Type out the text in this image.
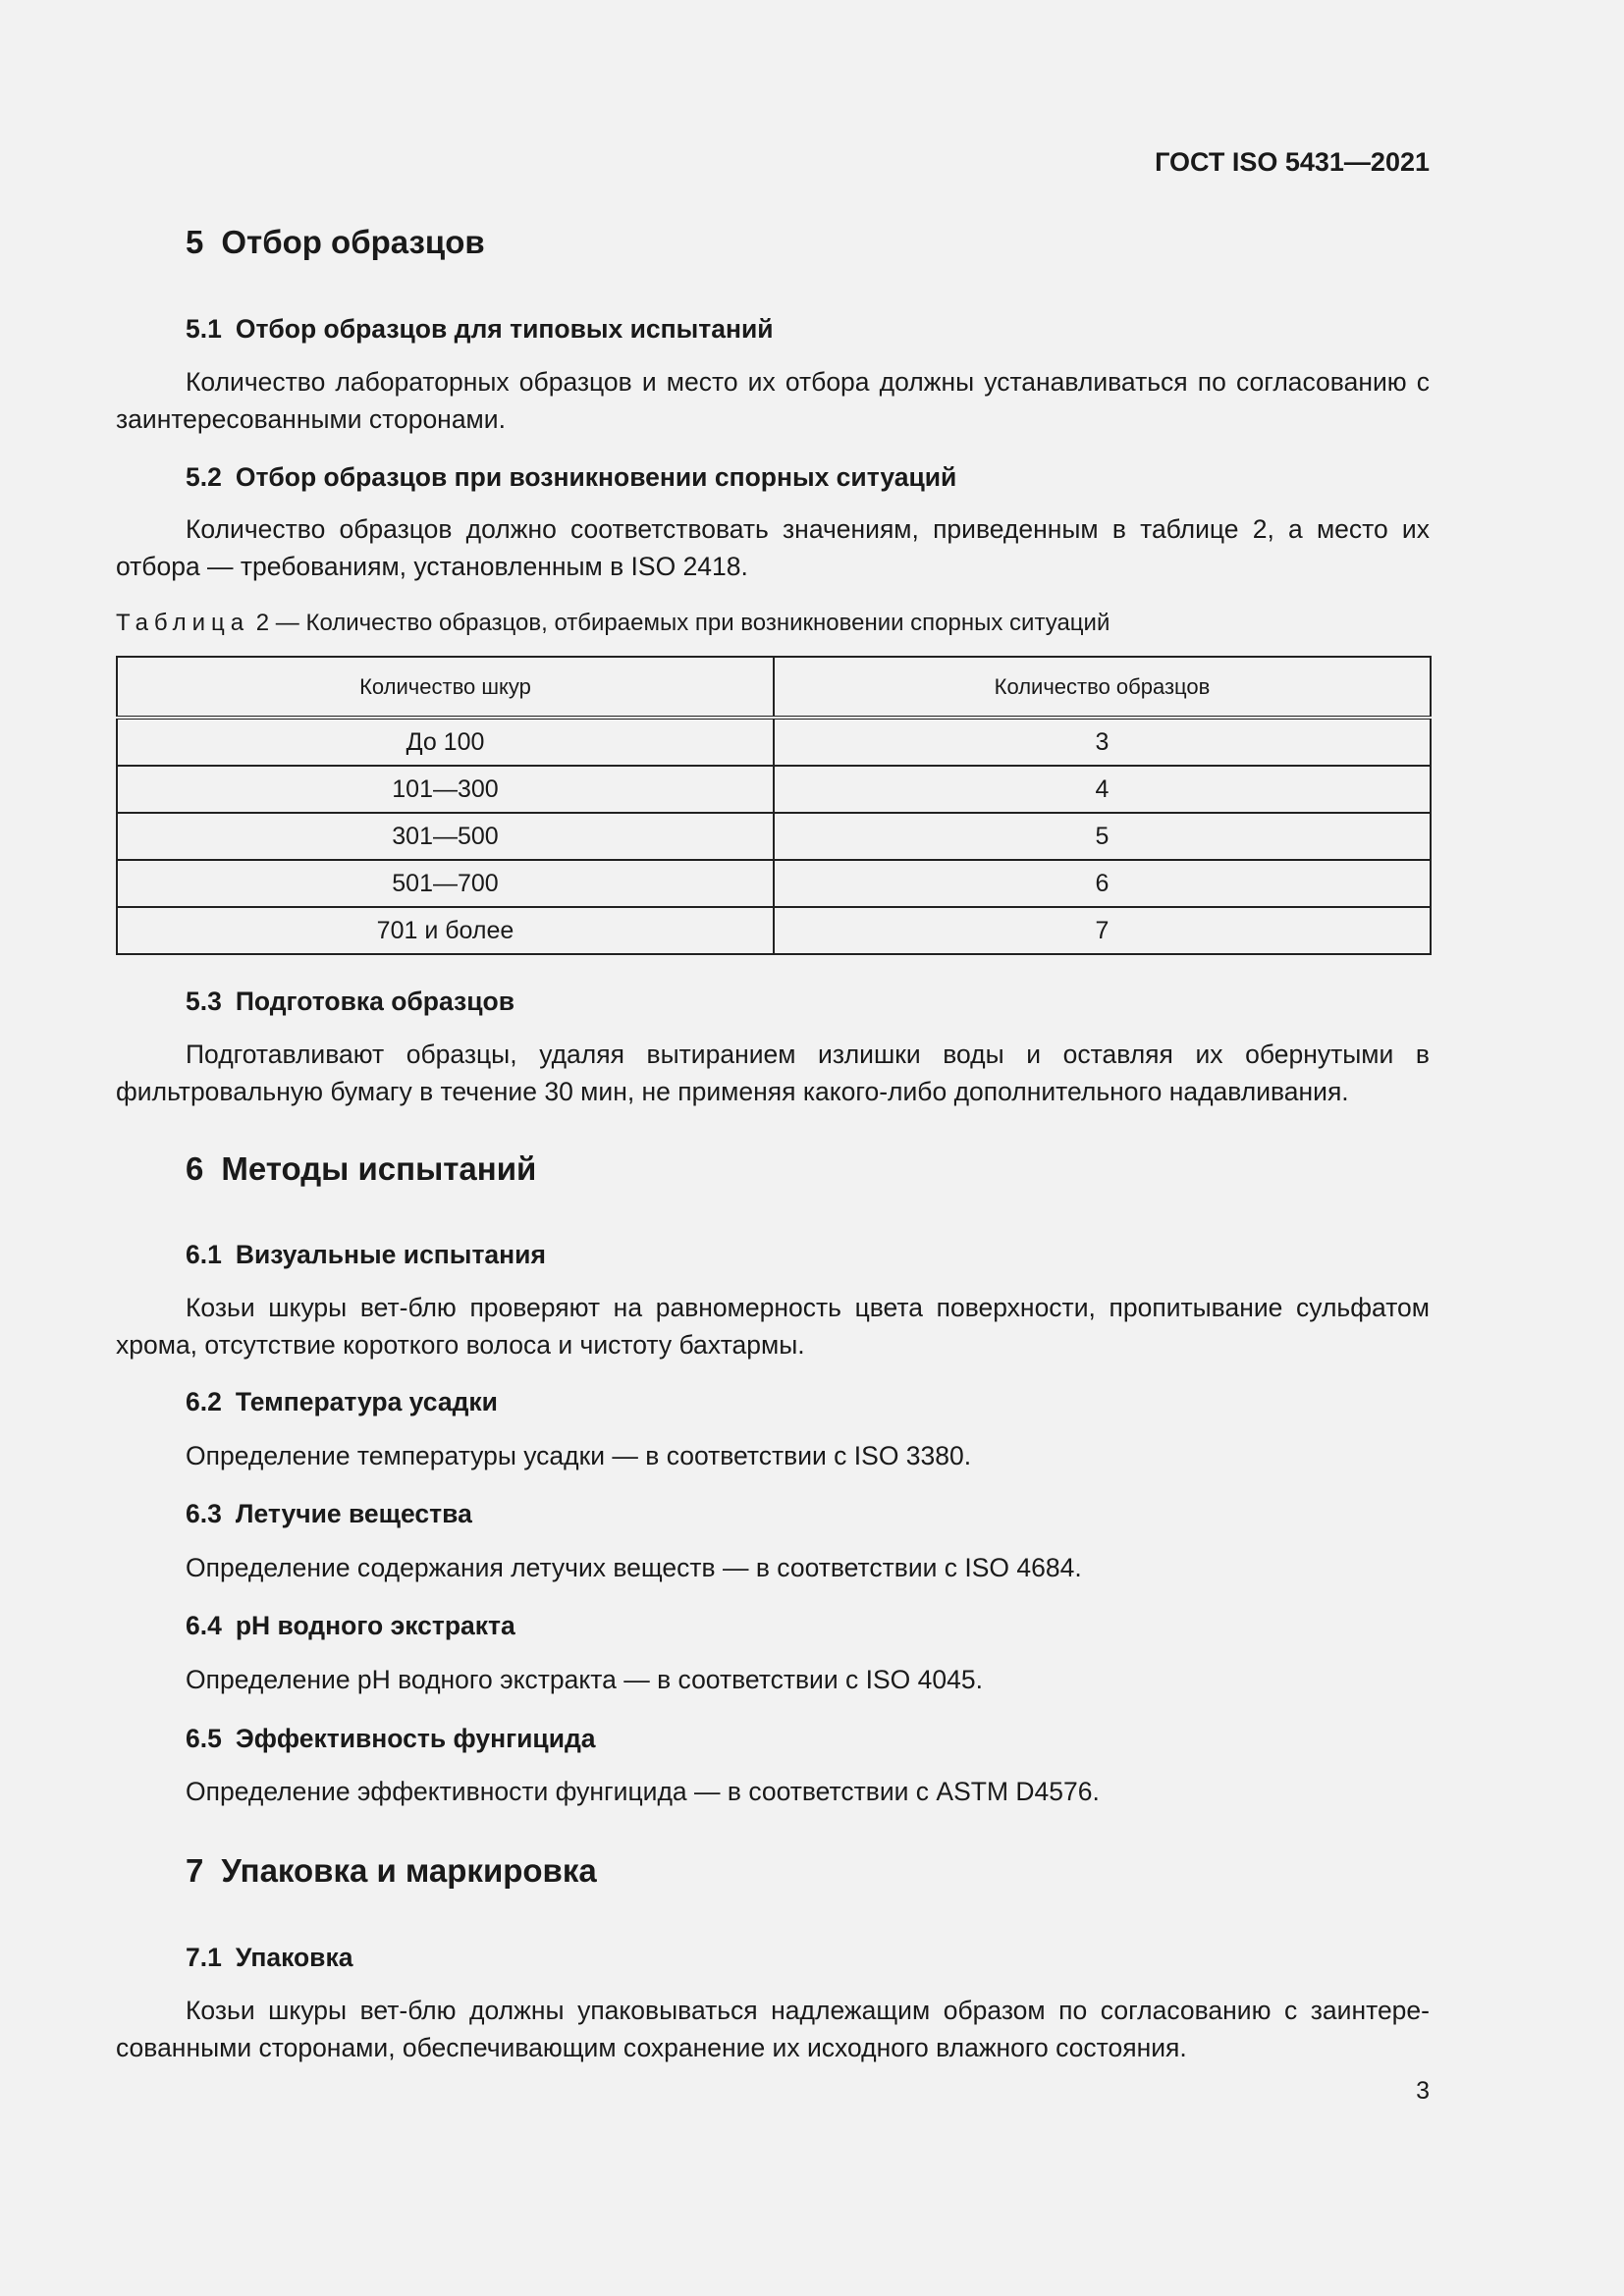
ГОСТ ISO 5431—2021
5 Отбор образцов
5.1 Отбор образцов для типовых испытаний

Количество лабораторных образцов и место их отбора должны устанавливаться по согласованию с заинтересованными сторонами.

5.2 Отбор образцов при возникновении спорных ситуаций

Количество образцов должно соответствовать значениям, приведенным в таблице 2, а место их отбора — требованиям, установленным в ISO 2418.

Таблица 2 — Количество образцов, отбираемых при возникновении спорных ситуаций
Количество шкур	Количество образцов
До 100	3
101—300	4
301—500	5
501—700	6
701 и более	7
5.3 Подготовка образцов

Подготавливают образцы, удаляя вытиранием излишки воды и оставляя их обернутыми в фильтровальную бумагу в течение 30 мин, не применяя какого-либо дополнительного надавливания.

6 Методы испытаний
6.1 Визуальные испытания

Козьи шкуры вет-блю проверяют на равномерность цвета поверхности, пропитывание сульфатом хрома, отсутствие короткого волоса и чистоту бахтармы.

6.2 Температура усадки

Определение температуры усадки — в соответствии с ISO 3380.

6.3 Летучие вещества

Определение содержания летучих веществ — в соответствии с ISO 4684.

6.4 pH водного экстракта

Определение pH водного экстракта — в соответствии с ISO 4045.

6.5 Эффективность фунгицида

Определение эффективности фунгицида — в соответствии с ASTM D4576.

7 Упаковка и маркировка
7.1 Упаковка

Козьи шкуры вет-блю должны упаковываться надлежащим образом по согласованию с заинтересованными сторонами, обеспечивающим сохранение их исходного влажного состояния.

3
